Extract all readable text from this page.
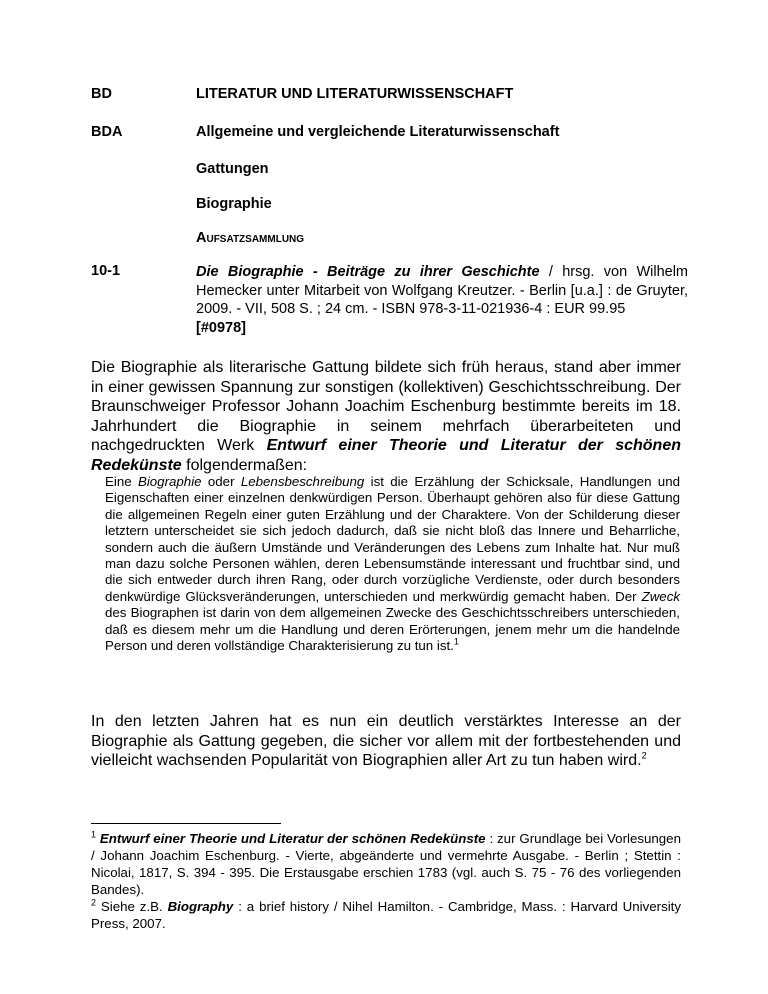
BD	LITERATUR UND LITERATURWISSENSCHAFT
BDA	Allgemeine und vergleichende Literaturwissenschaft
Gattungen
Biographie
Aufsatzsammlung
10-1	Die Biographie - Beiträge zu ihrer Geschichte / hrsg. von Wilhelm Hemecker unter Mitarbeit von Wolfgang Kreutzer. - Berlin [u.a.] : de Gruyter, 2009. - VII, 508 S. ; 24 cm. - ISBN 978-3-11-021936-4 : EUR 99.95
[#0978]

Die Biographie als literarische Gattung bildete sich früh heraus, stand aber immer in einer gewissen Spannung zur sonstigen (kollektiven) Geschichtsschreibung. Der Braunschweiger Professor Johann Joachim Eschenburg bestimmte bereits im 18. Jahrhundert die Biographie in seinem mehrfach überarbeiteten und nachgedruckten Werk Entwurf einer Theorie und Literatur der schönen Redekünste folgendermaßen:

Eine Biographie oder Lebensbeschreibung ist die Erzählung der Schicksale, Handlungen und Eigenschaften einer einzelnen denkwürdigen Person. Überhaupt gehören also für diese Gattung die allgemeinen Regeln einer guten Erzählung und der Charaktere. Von der Schilderung dieser letztern unterscheidet sie sich jedoch dadurch, daß sie nicht bloß das Innere und Beharrliche, sondern auch die äußern Umstände und Veränderungen des Lebens zum Inhalte hat. Nur muß man dazu solche Personen wählen, deren Lebensumstände interessant und fruchtbar sind, und die sich entweder durch ihren Rang, oder durch vorzügliche Verdienste, oder durch besonders denkwürdige Glücksveränderungen, unterschieden und merkwürdig gemacht haben. Der Zweck des Biographen ist darin von dem allgemeinen Zwecke des Geschichtsschreibers unterschieden, daß es diesem mehr um die Handlung und deren Erörterungen, jenem mehr um die handelnde Person und deren vollständige Charakterisierung zu tun ist.$^1$

In den letzten Jahren hat es nun ein deutlich verstärktes Interesse an der Biographie als Gattung gegeben, die sicher vor allem mit der fortbestehenden und vielleicht wachsenden Popularität von Biographien aller Art zu tun haben wird.$^2$

$^1$ Entwurf einer Theorie und Literatur der schönen Redekünste : zur Grundlage bei Vorlesungen / Johann Joachim Eschenburg. - Vierte, abgeänderte und vermehrte Ausgabe. - Berlin ; Stettin : Nicolai, 1817, S. 394 - 395. Die Erstausgabe erschien 1783 (vgl. auch S. 75 - 76 des vorliegenden Bandes).

$^2$ Siehe z.B. Biography : a brief history / Nihel Hamilton. - Cambridge, Mass. : Harvard University Press, 2007.
